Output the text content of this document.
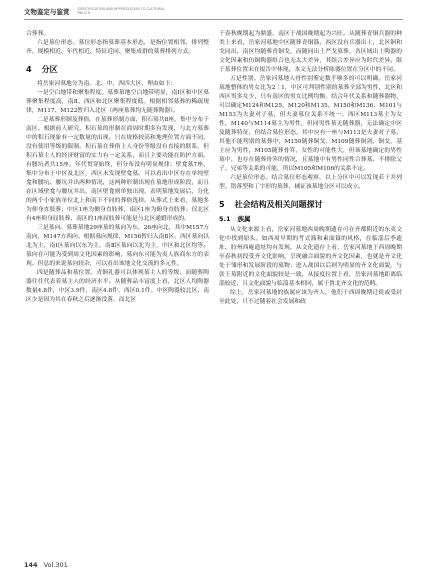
文物鉴定与鉴赏 IDENTIFICATION AND APPRECIATION TO CULTURAL RELICS

合葬葬。

六是墓位形态。墓位形态指墓葬基本形态，是指位置相邻、排列整齐、规模相近、年代相近、特征近同、聚集成群的墓葬排列方式。

4 分区

将岳家河墓地分为南、北、中、西四大区，理由如下：

一是空白地带和聚集程度。墓葬墓地空白地带明显，南Ⅰ区和中区墓葬聚集程度高，南Ⅱ、西区和北区聚集程度低。根据相邻墓葬的稀疏规律，M117、M122暂归入北区（两座墓葬均无随葬陶器）。

二是墓葬形制及葬俗。在墓葬形制方面，积石墓共8座，集中分布于南区。根据前人研究，积石墓的形制在商周时期多有发现，与北方墓葬中的积石现象有一定数量的出现。只在规格较高和地理位置方面不同，没有使用等级的限制。积石墓在葬俗上人身份等级没有直接的联系，但积石墓主人的经济财富的实力有一定关系，而且主要功能在防护方面。有腰坑者共15座，年代贯穿始终，但分布没有明显规律；壁龛墓7座，集中分布于中区及北区，西区未发现壁龛墓。可以看出中区存在单纯壁龛和腰坑、腰坑并出两种情况，这两种形制出现在墓地形成阶段，而且在区域壁龛与腰坑并出，南区壁龛则单独出现，表明墓地发展后，分化的两个小家族单位北上和南下不同的葬俗选择。从葬式上来看，墓地多为仰身直肢葬；中区1座为侧身直肢葬，南区1座为俯身直肢葬；仅北区有4座仰身屈肢葬，南区的1座屈肢葬可能是与北区通婚形成的。

三是墓向。墓葬墓地29座墓的墓向为东，26座向北，其中M157方南向，M147方西向。根据墓向规律，M156暂归入南Ⅱ区。西区墓向以北为主，南Ⅰ区墓向以东为主，南Ⅱ区墓向以北为主，中区和北区均等。墓向在可能为受到周文化因素的影响，墓向东可能为夷人族商东方的表现。但总的来说墓向较杂，可以看出该地文化交流的多元性。

四是随葬品和墓位置。青铜礼器可以体现墓主人的等级，而随葬陶器往往代表着墓主人的经济水平。从随葬品丰富度上看，北区人均陶器数量4.8件，中区3.9件，南区4.8件，西区0.1件。中区陶器较北区、南区少是因为其在春秋之后逐渐没落，而北区

于春秋晚期起为鼎盛，南区于战国晚期起为兴旺。从随葬青铜兵器的种类上来看，岳家河墓地中区随葬青铜簋、西区没有兵器出土，北区铜和戈同出，南区均随葬青铜戈。而随同出土严戈墓葬，各区域出土陶器的文化因素和仿铜陶器组合也无太大差异，其组合差异应为时代差异。限于墓葬位置未在报告中体现，本文无法分析陈器位置在分区中的不同。

五是性别。岳家河墓地人骨性别鉴定数不够多的可以明确。岳家河墓地整体的男女比为2∶1，中区可判别性别的墓葬全部为男性，北区和西区男多女少，只有南区的男女比例均衡。结合年代关系和随葬器物，可以确定M124和M125、M120和M135、M150和M136、M101与M153为夫妻对子墓，但夫妻墓位关系不统一。西区M113墓主为女性，M140与M114墓主为男性，但同男性墓无随葬器，无法确定中区及随葬特征，但结合墓位形态，其中应有一座与M113是夫妻对子墓，其他不能判别的墓葬中，M150随葬铜戈、M109随葬铜剑、铜戈，基主应为男性，M105随葬骨笄，女性的可能性大，但该墓地确定的男性墓中，也存在随葬骨笄的情况，且墓地中有男性同性合葬墓，不排除父子、兄弟等关系的可能，所以M105和M106的关系不定。

六是墓位形态。结合墓位形态观察，以上分区中可以发现若干并列型、错落型和丁字形的墓葬，辅证该墓地分区可以成立。

5 社会结构及相关问题探讨
5.1 族属

从文化来源上看，岳家河墓地西周晚期遗存可在齐都附近的东夷文化中找到原头。如西周早期的考式簋和素面簋的风格，在临淄后李遗址、胶州西庵遗址均有发现。从文化遗存上看，岳家河墓地于西周晚期至春秋初段受齐文化影响，呈现融合面貌的齐文化因素，也就是齐文化处于雏形和发展阶段的墓物；进入战国以后则为明显的齐文化面貌，与张王墓附近的文化面貌较是一致，从接度位置上看，岳家河墓地距离临淄较近，且文化面貌与临淄基本相同，属于鲁北齐文化的范畴。

综上，岳家河墓地的族属应该为齐人，他们于西周晚期迁徙或受封至此处，只不过随着社会发展和政

144 Vol.301
